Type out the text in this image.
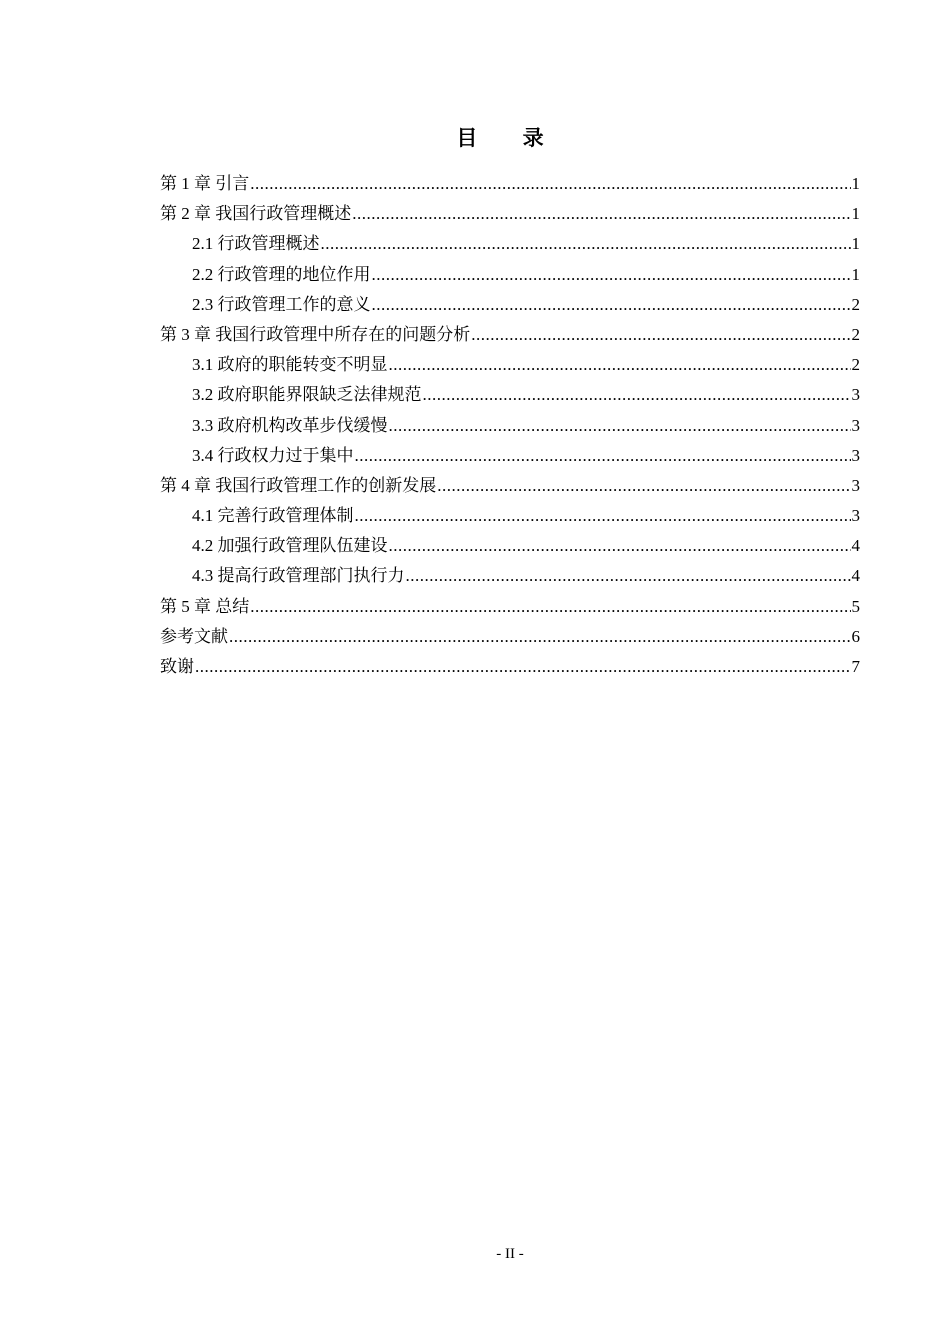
目 录
第 1 章 引言 .....	1
第 2 章 我国行政管理概述 .....	1
2.1 行政管理概述 .....	1
2.2 行政管理的地位作用 .....	1
2.3 行政管理工作的意义 .....	2
第 3 章 我国行政管理中所存在的问题分析 .....	2
3.1 政府的职能转变不明显 .....	2
3.2 政府职能界限缺乏法律规范 .....	3
3.3 政府机构改革步伐缓慢 .....	3
3.4 行政权力过于集中 .....	3
第 4 章 我国行政管理工作的创新发展 .....	3
4.1 完善行政管理体制 .....	3
4.2 加强行政管理队伍建设 .....	4
4.3 提高行政管理部门执行力 .....	4
第 5 章 总结 .....	5
参考文献 .....	6
致谢 .....	7
- II -
